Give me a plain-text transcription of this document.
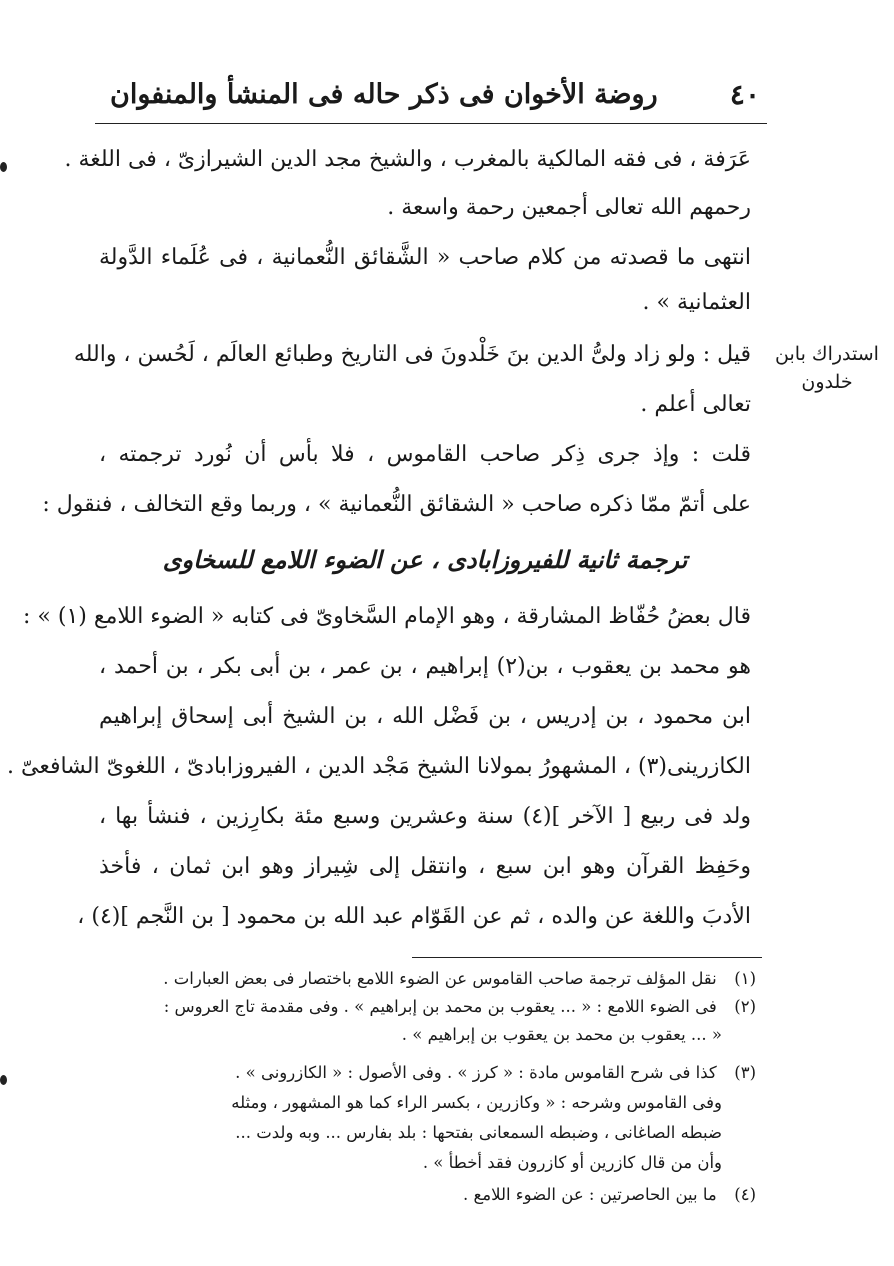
روضة الأخوان فى ذكر حاله فى المنشأ والمنفوان	٤٠
استدراك بابن
خلدون
عَرَفة ، فى فقه المالكية بالمغرب ، والشيخ مجد الدين الشيرازىّ ، فى اللغة .
رحمهم الله تعالى أجمعين رحمة واسعة .
انتهى ما قصدته من كلام صاحب « الشَّقائق النُّعمانية ، فى عُلَماء الدَّولة
العثمانية » .
قيل : ولو زاد ولىُّ الدين بنَ خَلْدونَ فى التاريخ وطبائع العالَم ، لَحُسن ، والله
تعالى أعلم .
قلت : وإذ جرى ذِكر صاحب القاموس ، فلا بأس أن نُورد ترجمته ،
على أتمّ ممّا ذكره صاحب « الشقائق النُّعمانية » ، وربما وقع التخالف ، فنقول :
ترجمة ثانية للفيروزابادى ، عن الضوء اللامع للسخاوى
قال بعضُ حُفّاظ المشارقة ، وهو الإمام السَّخاوىّ فى كتابه « الضوء اللامع (١) » :
هو محمد بن يعقوب ، بن(٢) إبراهيم ، بن عمر ، بن أبى بكر ، بن أحمد ،
ابن محمود ، بن إدريس ، بن فَضْل الله ، بن الشيخ أبى إسحاق إبراهيم
الكازرينى(٣) ، المشهورُ بمولانا الشيخ مَجْد الدين ، الفيروزابادىّ ، اللغوىّ الشافعىّ .
ولد فى ربيع [ الآخر ](٤) سنة وعشرين وسبع مئة بكارِزين ، فنشأ بها ،
وحَفِظ القرآن وهو ابن سبع ، وانتقل إلى شِيراز وهو ابن ثمان ، فأخذ
الأدبَ واللغة عن والده ، ثم عن القَوّام عبد الله بن محمود [ بن النَّجم ](٤) ،
(١) نقل المؤلف ترجمة صاحب القاموس عن الضوء اللامع باختصار فى بعض العبارات .
(٢) فى الضوء اللامع : « ... يعقوب بن محمد بن إبراهيم » . وفى مقدمة تاج العروس :
« ... يعقوب بن محمد بن يعقوب بن إبراهيم » .
(٣) كذا فى شرح القاموس مادة : « كرز » . وفى الأصول : « الكازرونى » .
وفى القاموس وشرحه : « وكازرين ، بكسر الراء كما هو المشهور ، ومثله
ضبطه الصاغانى ، وضبطه السمعانى بفتحها : بلد بفارس ... وبه ولدت ...
وأن من قال كازرين أو كازرون فقد أخطأ » .
(٤) ما بين الحاصرتين : عن الضوء اللامع .
